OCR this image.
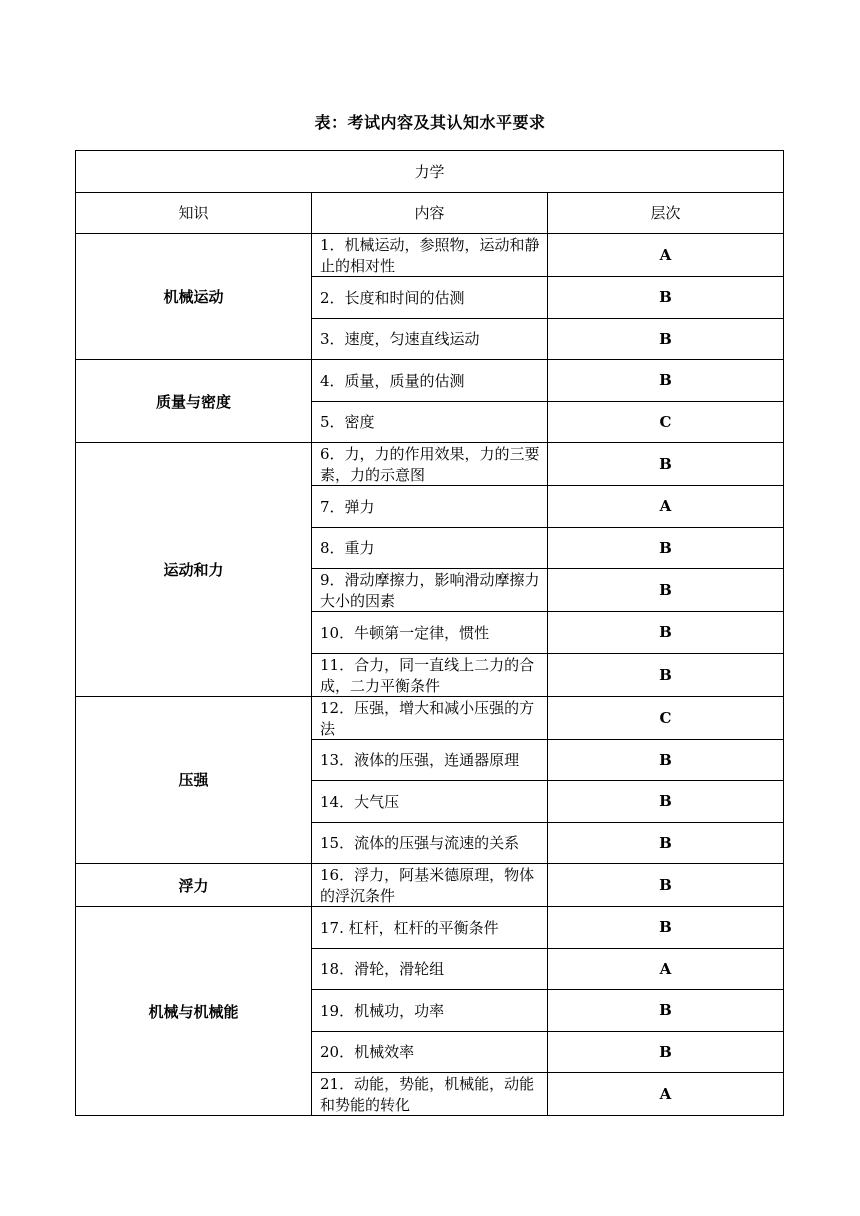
表：考试内容及其认知水平要求
力学		
知识	内容	层次
机械运动	1．机械运动，参照物，运动和静止的相对性	A
	2．长度和时间的估测	B
	3．速度，匀速直线运动	B
质量与密度	4．质量，质量的估测	B
	5．密度	C
运动和力	6．力，力的作用效果，力的三要素，力的示意图	B
	7．弹力	A
	8．重力	B
	9．滑动摩擦力，影响滑动摩擦力大小的因素	B
	10．牛顿第一定律，惯性	B
	11．合力，同一直线上二力的合成，二力平衡条件	B
压强	12．压强，增大和减小压强的方法	C
	13．液体的压强，连通器原理	B
	14．大气压	B
	15．流体的压强与流速的关系	B
浮力	16．浮力，阿基米德原理，物体的浮沉条件	B
机械与机械能	17. 杠杆，杠杆的平衡条件	B
	18．滑轮，滑轮组	A
	19．机械功，功率	B
	20．机械效率	B
	21．动能，势能，机械能，动能和势能的转化	A
